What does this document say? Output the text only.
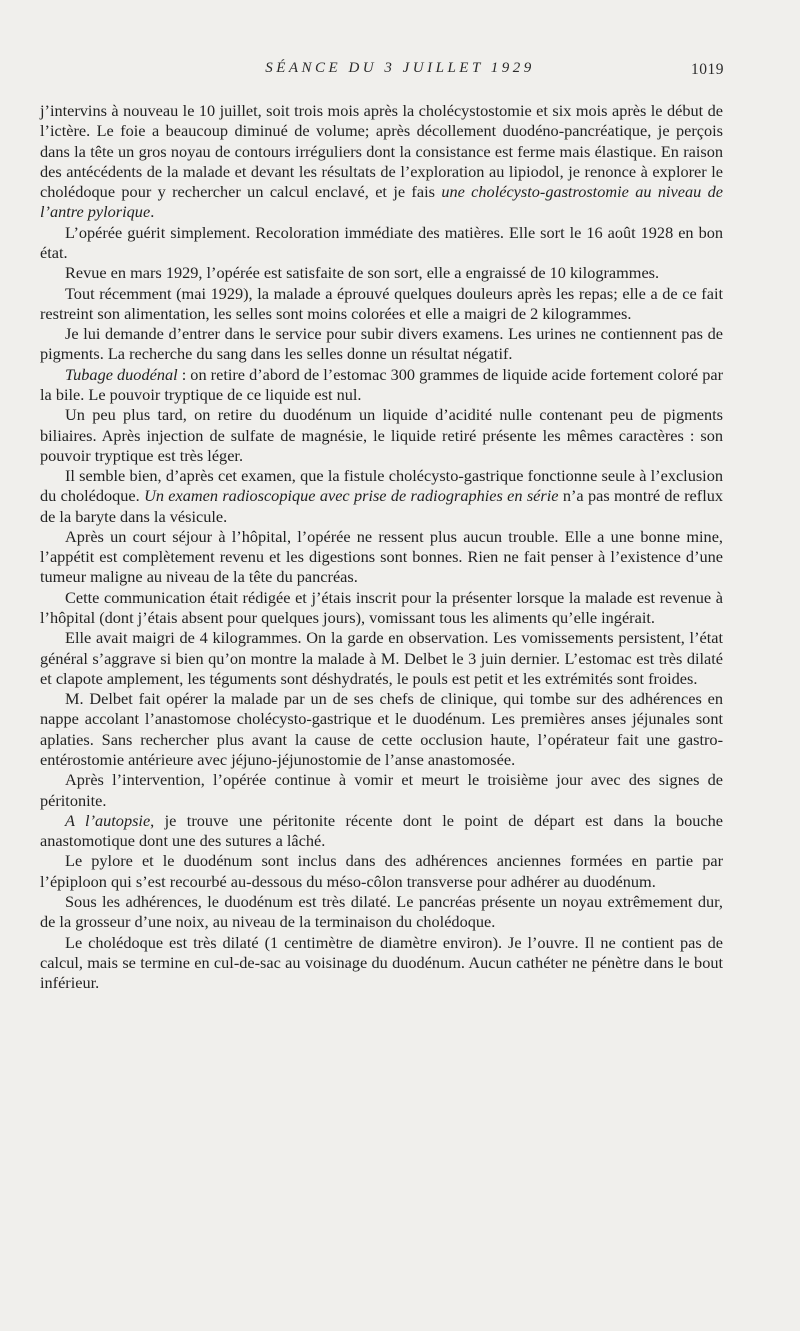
SÉANCE DU 3 JUILLET 1929	1019

j’intervins à nouveau le 10 juillet, soit trois mois après la cholécystostomie et six mois après le début de l’ictère. Le foie a beaucoup diminué de volume; après décollement duodéno-pancréatique, je perçois dans la tête un gros noyau de contours irréguliers dont la consistance est ferme mais élastique. En raison des antécédents de la malade et devant les résultats de l’exploration au lipiodol, je renonce à explorer le cholédoque pour y rechercher un calcul enclavé, et je fais une cholécysto-gastrostomie au niveau de l’antre pylorique.

L’opérée guérit simplement. Recoloration immédiate des matières. Elle sort le 16 août 1928 en bon état.

Revue en mars 1929, l’opérée est satisfaite de son sort, elle a engraissé de 10 kilogrammes.

Tout récemment (mai 1929), la malade a éprouvé quelques douleurs après les repas; elle a de ce fait restreint son alimentation, les selles sont moins colorées et elle a maigri de 2 kilogrammes.

Je lui demande d’entrer dans le service pour subir divers examens. Les urines ne contiennent pas de pigments. La recherche du sang dans les selles donne un résultat négatif.

Tubage duodénal : on retire d’abord de l’estomac 300 grammes de liquide acide fortement coloré par la bile. Le pouvoir tryptique de ce liquide est nul.

Un peu plus tard, on retire du duodénum un liquide d’acidité nulle contenant peu de pigments biliaires. Après injection de sulfate de magnésie, le liquide retiré présente les mêmes caractères : son pouvoir tryptique est très léger.

Il semble bien, d’après cet examen, que la fistule cholécysto-gastrique fonctionne seule à l’exclusion du cholédoque. Un examen radioscopique avec prise de radiographies en série n’a pas montré de reflux de la baryte dans la vésicule.

Après un court séjour à l’hôpital, l’opérée ne ressent plus aucun trouble. Elle a une bonne mine, l’appétit est complètement revenu et les digestions sont bonnes. Rien ne fait penser à l’existence d’une tumeur maligne au niveau de la tête du pancréas.

Cette communication était rédigée et j’étais inscrit pour la présenter lorsque la malade est revenue à l’hôpital (dont j’étais absent pour quelques jours), vomissant tous les aliments qu’elle ingérait.

Elle avait maigri de 4 kilogrammes. On la garde en observation. Les vomissements persistent, l’état général s’aggrave si bien qu’on montre la malade à M. Delbet le 3 juin dernier. L’estomac est très dilaté et clapote amplement, les téguments sont déshydratés, le pouls est petit et les extrémités sont froides.

M. Delbet fait opérer la malade par un de ses chefs de clinique, qui tombe sur des adhérences en nappe accolant l’anastomose cholécysto-gastrique et le duodénum. Les premières anses jéjunales sont aplaties. Sans rechercher plus avant la cause de cette occlusion haute, l’opérateur fait une gastro-entérostomie antérieure avec jéjuno-jéjunostomie de l’anse anastomosée.

Après l’intervention, l’opérée continue à vomir et meurt le troisième jour avec des signes de péritonite.

A l’autopsie, je trouve une péritonite récente dont le point de départ est dans la bouche anastomotique dont une des sutures a lâché.

Le pylore et le duodénum sont inclus dans des adhérences anciennes formées en partie par l’épiploon qui s’est recourbé au-dessous du méso-côlon transverse pour adhérer au duodénum.

Sous les adhérences, le duodénum est très dilaté. Le pancréas présente un noyau extrêmement dur, de la grosseur d’une noix, au niveau de la terminaison du cholédoque.

Le cholédoque est très dilaté (1 centimètre de diamètre environ). Je l’ouvre. Il ne contient pas de calcul, mais se termine en cul-de-sac au voisinage du duodénum. Aucun cathéter ne pénètre dans le bout inférieur.
